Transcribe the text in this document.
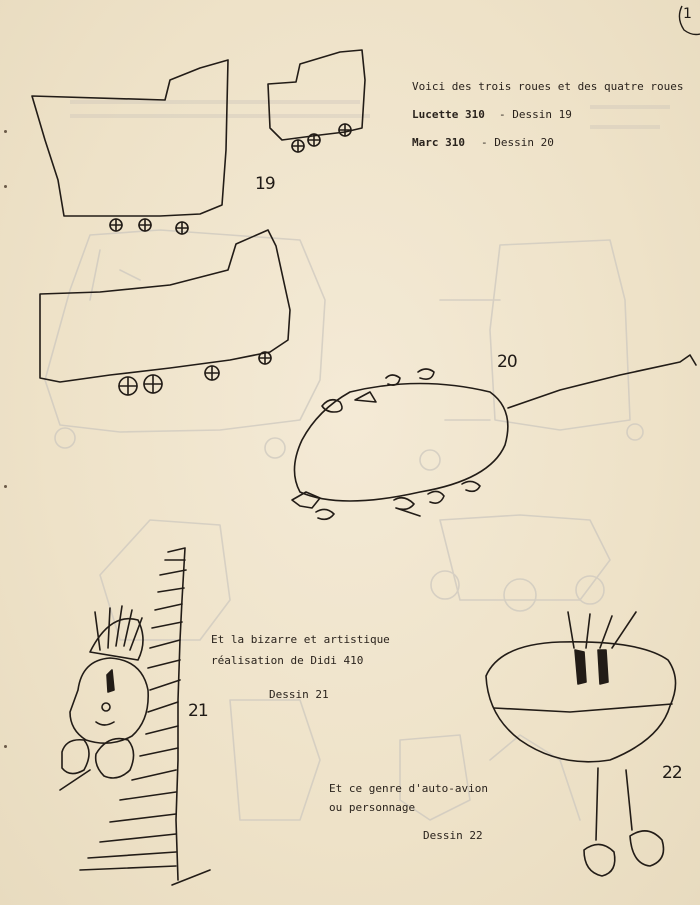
1
Voici des trois roues et des quatre roues
Lucette 310 - Dessin 19
Marc 310 - Dessin 20
19
20
21
22
Et la bizarre et artistique
réalisation de Didi 410
Dessin 21
Et ce genre d'auto-avion
ou personnage
Dessin 22
